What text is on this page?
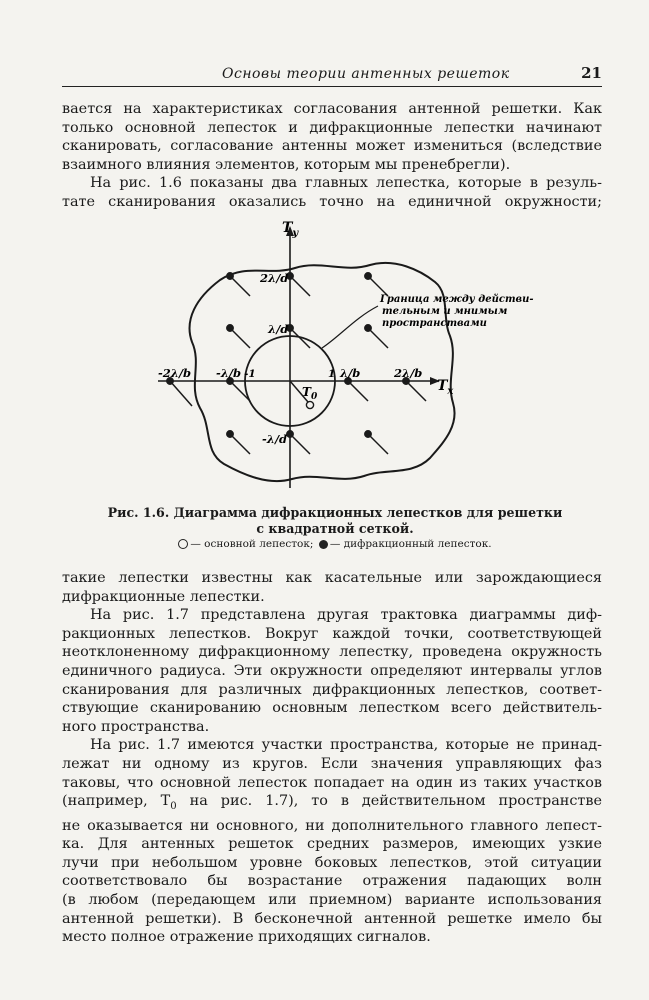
Основы теории антенных решеток	21

вается на характеристиках согласования антенной решетки. Как
только основной лепесток и дифракционные лепестки начинают
сканировать, согласование антенны может измениться (вследствие
взаимного влияния элементов, которым мы пренебрегли).

На рис. 1.6 показаны два главных лепестка, которые в резуль-
тате сканирования оказались точно на единичной окружности;

$T_y$
$T_x$
2λ/d
λ/d
-λ/d
-2λ/b -λ/b -1	1 λ/b	2λ/b
$T_0$
Граница между действи- тельным и мнимым пространствами
Рис. 1.6. Диаграмма дифракционных лепестков для решетки
с квадратной сеткой.
— основной лепесток; — дифракционный лепесток.

такие лепестки известны как касательные или зарождающиеся
дифракционные лепестки.

На рис. 1.7 представлена другая трактовка диаграммы диф-
ракционных лепестков. Вокруг каждой точки, соответствующей
неотклоненному дифракционному лепестку, проведена окружность
единичного радиуса. Эти окружности определяют интервалы углов
сканирования для различных дифракционных лепестков, соответ-
ствующие сканированию основным лепестком всего действитель-
ного пространства.

На рис. 1.7 имеются участки пространства, которые не принад-
лежат ни одному из кругов. Если значения управляющих фаз
таковы, что основной лепесток попадает на один из таких участков
(например, $T_0$ на рис. 1.7), то в действительном пространстве
не оказывается ни основного, ни дополнительного главного лепест-
ка. Для антенных решеток средних размеров, имеющих узкие
лучи при небольшом уровне боковых лепестков, этой ситуации
соответствовало бы возрастание отражения падающих волн
(в любом (передающем или приемном) варианте использования
антенной решетки). В бесконечной антенной решетке имело бы
место полное отражение приходящих сигналов.
